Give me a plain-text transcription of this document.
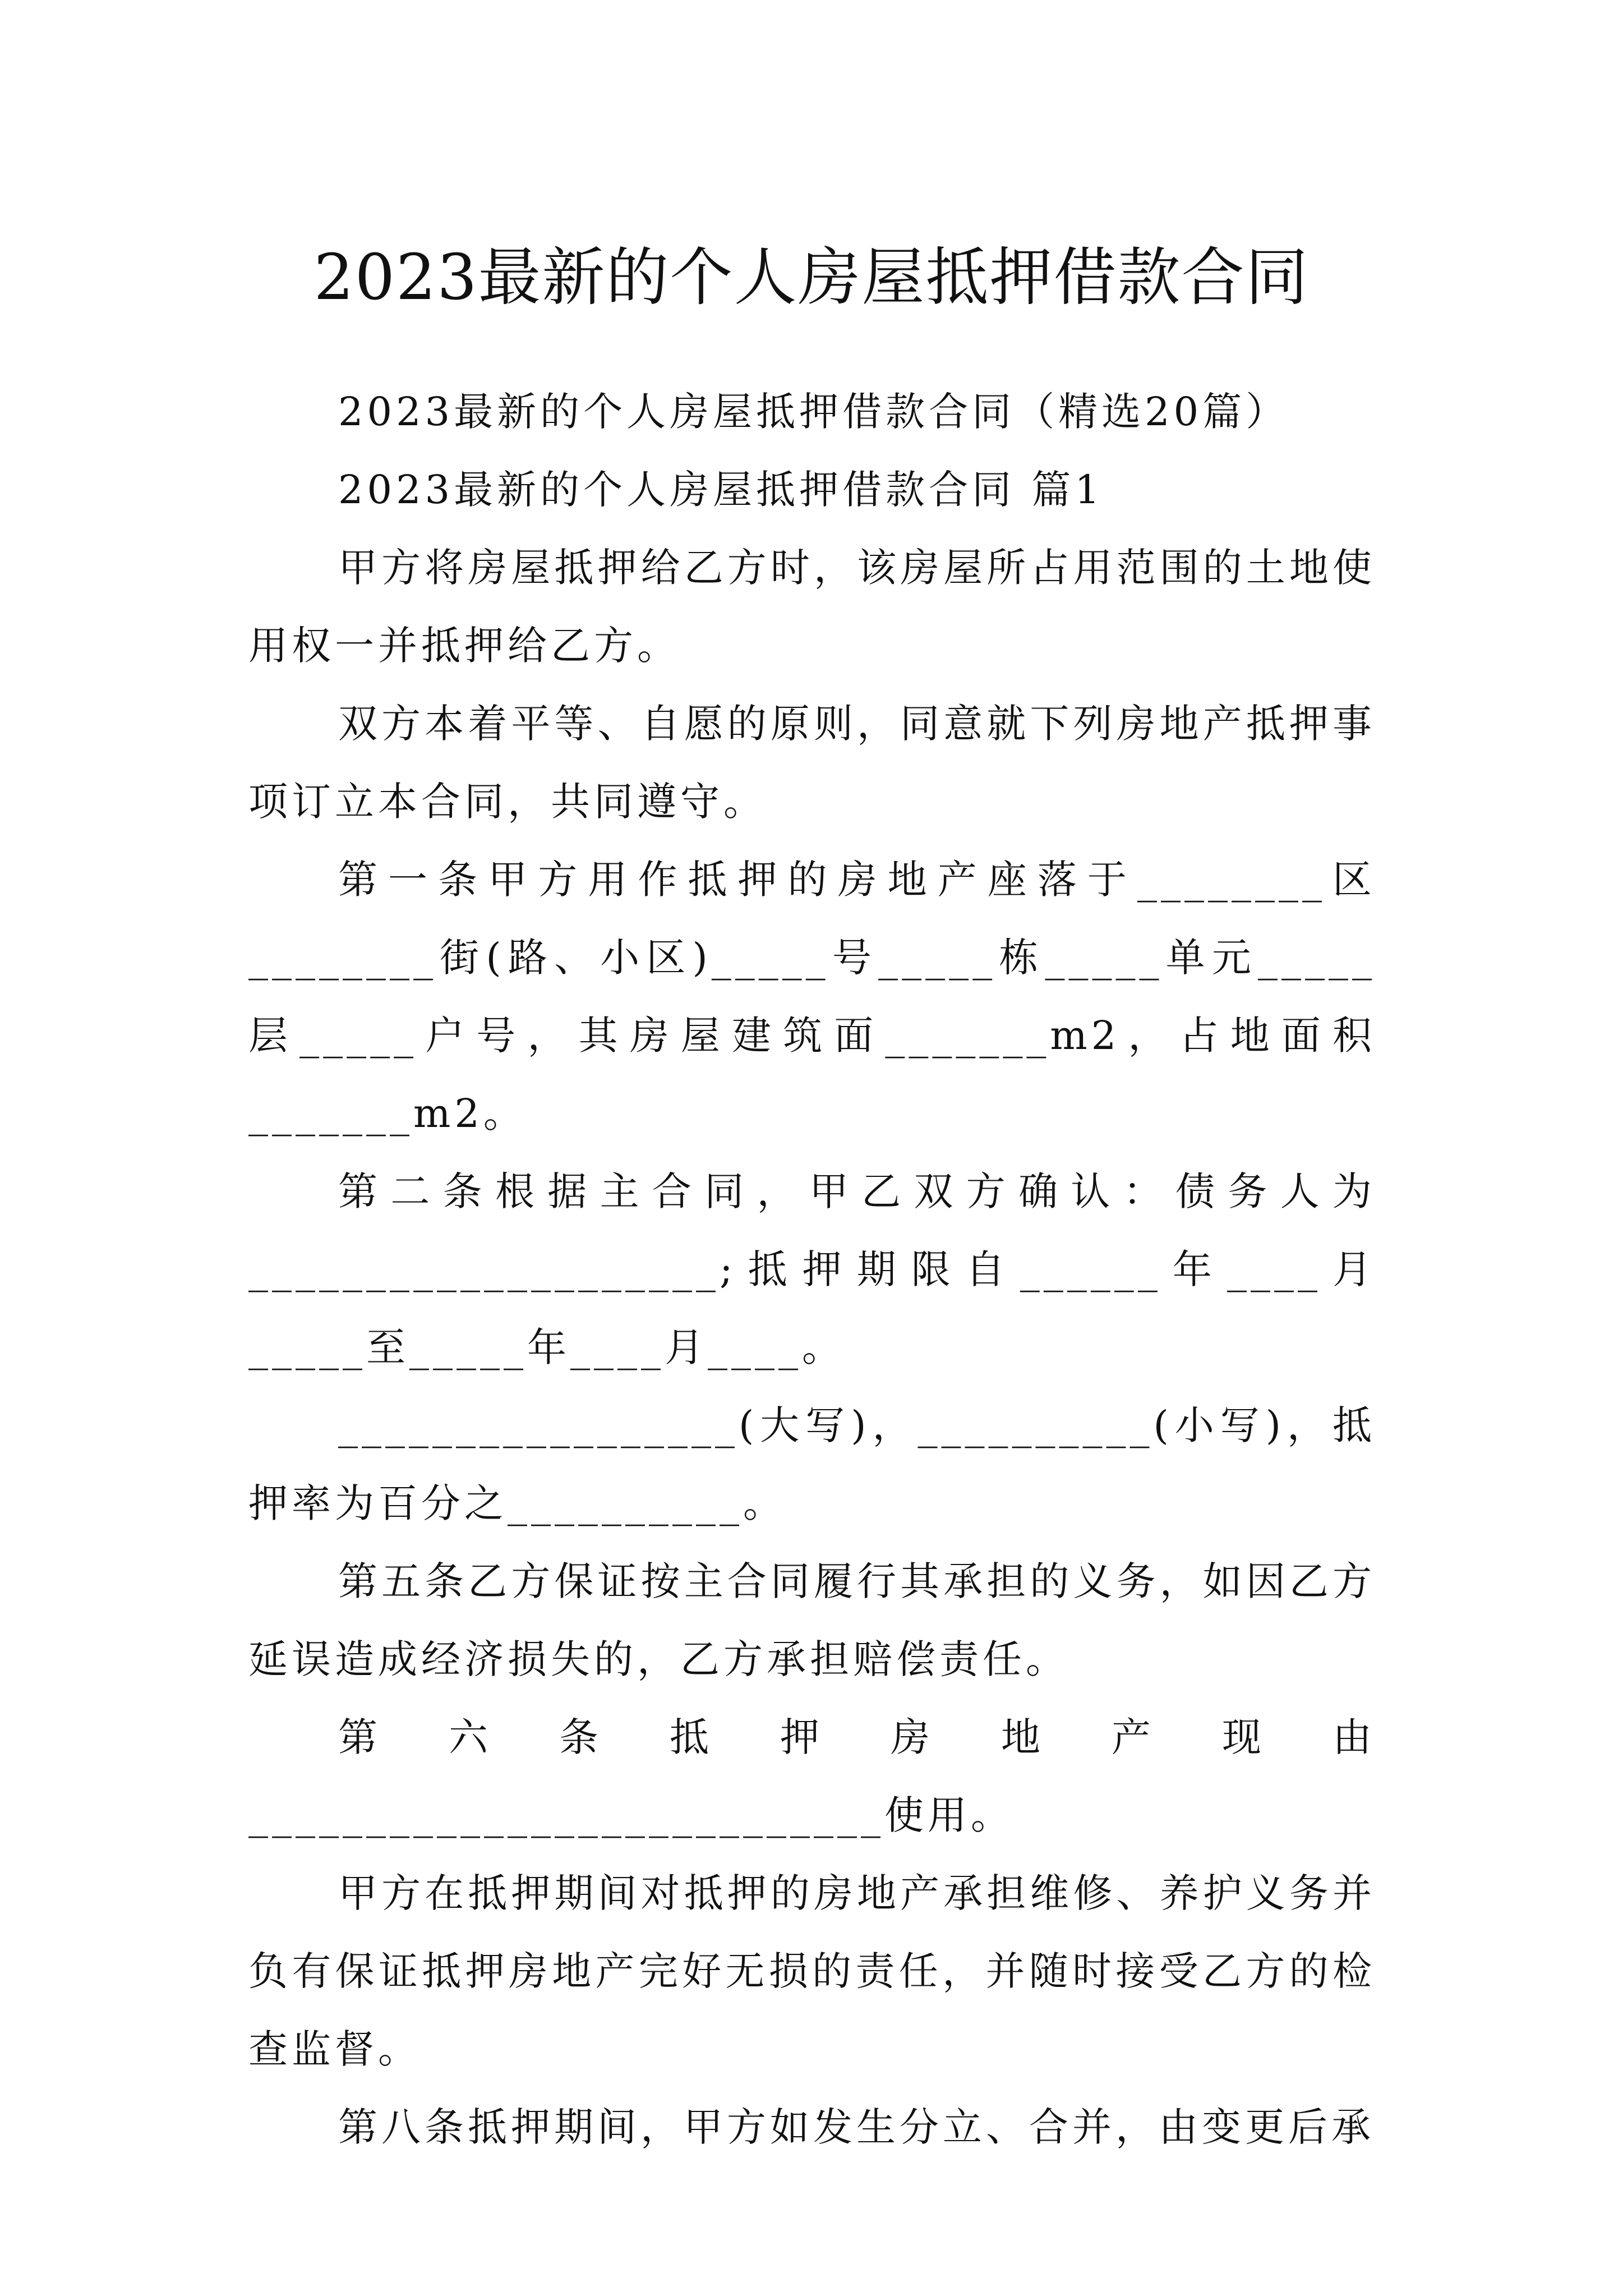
2023最新的个人房屋抵押借款合同

2023最新的个人房屋抵押借款合同（精选20篇）

2023最新的个人房屋抵押借款合同 篇1

甲方将房屋抵押给乙方时，该房屋所占用范围的土地使用权一并抵押给乙方。

双方本着平等、自愿的原则，同意就下列房地产抵押事项订立本合同，共同遵守。

第一条甲方用作抵押的房地产座落于________区________街(路、小区)_____号_____栋_____单元_____层_____户号，其房屋建筑面_______m2，占地面积_______m2。

第二条根据主合同，甲乙双方确认：债务人为____________________;抵押期限自______年____月_____至_____年____月____。

_________________(大写)，__________(小写)，抵押率为百分之__________。

第五条乙方保证按主合同履行其承担的义务，如因乙方延误造成经济损失的，乙方承担赔偿责任。

第六条抵押房地产现由___________________________使用。

甲方在抵押期间对抵押的房地产承担维修、养护义务并负有保证抵押房地产完好无损的责任，并随时接受乙方的检查监督。

第八条抵押期间，甲方如发生分立、合并，由变更后承
